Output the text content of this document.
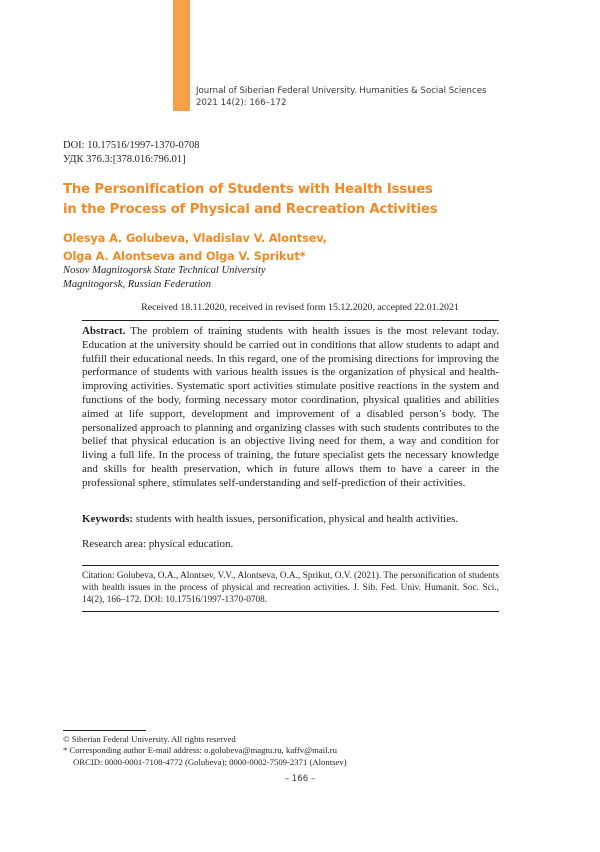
Journal of Siberian Federal University. Humanities & Social Sciences
2021 14(2): 166–172
DOI: 10.17516/1997-1370-0708
УДК 376.3:[378.016:796.01]
The Personification of Students with Health Issues
in the Process of Physical and Recreation Activities
Olesya A. Golubeva, Vladislav V. Alontsev,
Olga A. Alontseva and Olga V. Sprikut*
Nosov Magnitogorsk State Technical University
Magnitogorsk, Russian Federation
Received 18.11.2020, received in revised form 15.12.2020, accepted 22.01.2021
Abstract. The problem of training students with health issues is the most relevant today. Education at the university should be carried out in conditions that allow students to adapt and fulfill their educational needs. In this regard, one of the promising directions for improving the performance of students with various health issues is the organization of physical and health-improving activities. Systematic sport activities stimulate positive reactions in the system and functions of the body, forming necessary motor coordination, physical qualities and abilities aimed at life support, development and improvement of a disabled person’s body. The personalized approach to planning and organizing classes with such students contributes to the belief that physical education is an objective living need for them, a way and condition for living a full life. In the process of training, the future specialist gets the necessary knowledge and skills for health preservation, which in future allows them to have a career in the professional sphere, stimulates self-understanding and self-prediction of their activities.
Keywords: students with health issues, personification, physical and health activities.
Research area: physical education.
Citation: Golubeva, O.A., Alontsev, V.V., Alontseva, O.A., Sprikut, O.V. (2021). The personification of students with health issues in the process of physical and recreation activities. J. Sib. Fed. Univ. Humanit. Soc. Sci., 14(2), 166–172. DOI: 10.17516/1997-1370-0708.
© Siberian Federal University. All rights reserved
* Corresponding author E-mail address: o.golubeva@magtu.ru, kaffv@mail.ru
ORCID: 0000-0001-7108-4772 (Golubeva); 0000-0002-7509-2371 (Alontsev)
– 166 –
